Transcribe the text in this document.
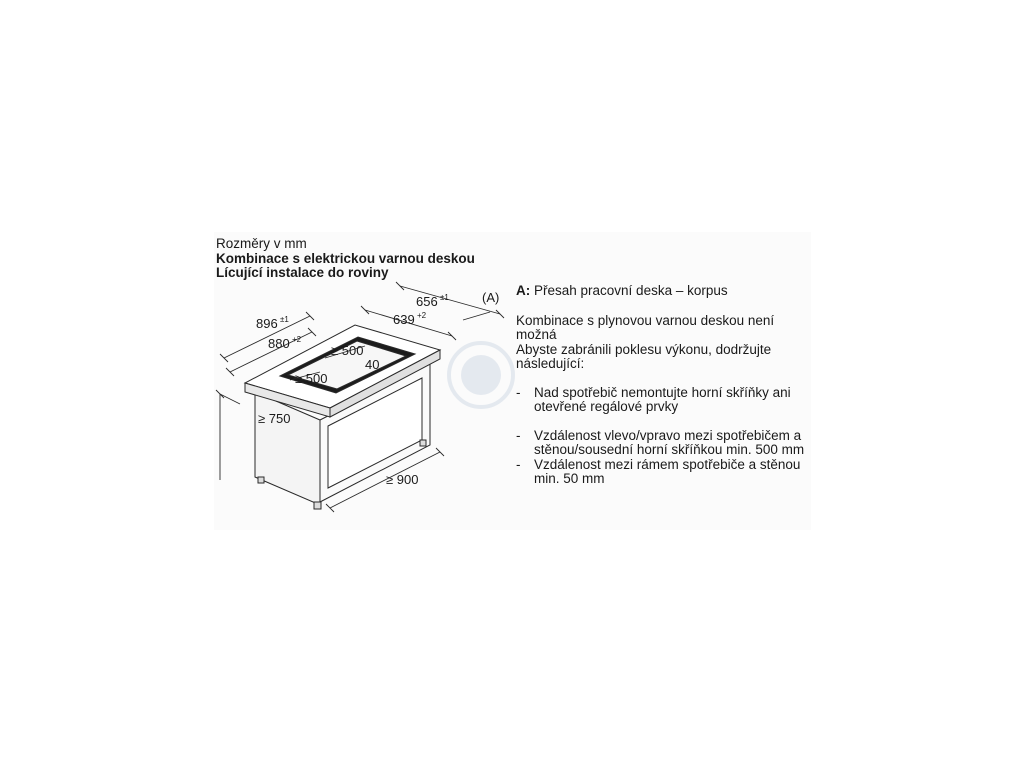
Rozměry v mm
Kombinace s elektrickou varnou deskou
Lícující instalace do roviny
896 ±1
880 +2
656 ±1
639 +2
(A)
≥ 500
40
≥ 500
≥ 750
≥ 900

A: Přesah pracovní deska – korpus

Kombinace s plynovou varnou deskou není možná

Abyste zabránili poklesu výkonu, dodržujte následující:

-	Nad spotřebič nemontujte horní skříňky ani otevřené regálové prvky
-	Vzdálenost vlevo/vpravo mezi spotřebičem a stěnou/sousední horní skříňkou min. 500 mm
-	Vzdálenost mezi rámem spotřebiče a stěnou min. 50 mm
